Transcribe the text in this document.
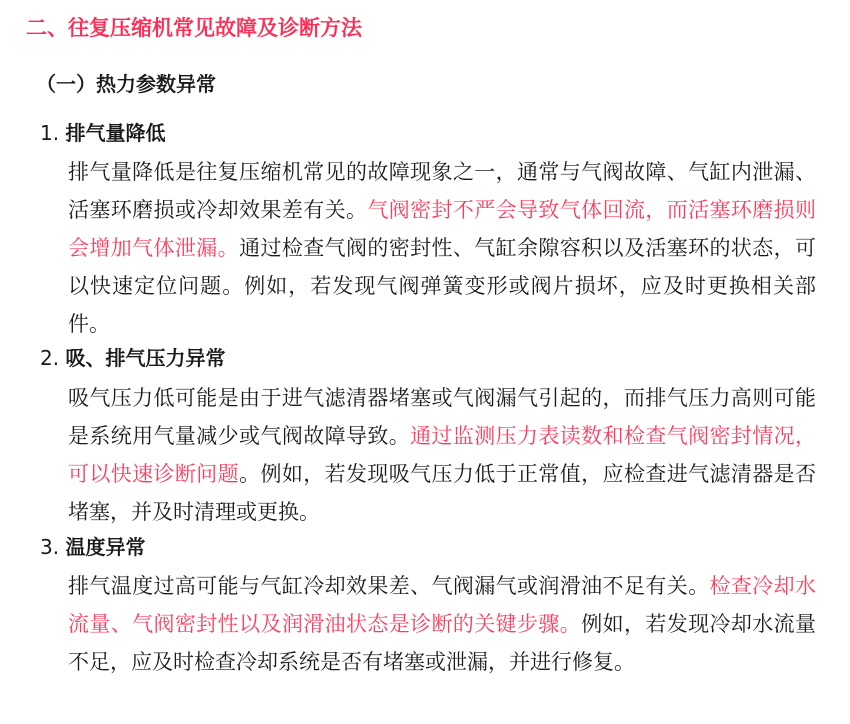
二、往复压缩机常见故障及诊断方法
（一）热力参数异常
1. 排气量降低

排气量降低是往复压缩机常见的故障现象之一，通常与气阀故障、气缸内泄漏、活塞环磨损或冷却效果差有关。气阀密封不严会导致气体回流，而活塞环磨损则会增加气体泄漏。通过检查气阀的密封性、气缸余隙容积以及活塞环的状态，可以快速定位问题。例如，若发现气阀弹簧变形或阀片损坏，应及时更换相关部件。

2. 吸、排气压力异常

吸气压力低可能是由于进气滤清器堵塞或气阀漏气引起的，而排气压力高则可能是系统用气量减少或气阀故障导致。通过监测压力表读数和检查气阀密封情况，可以快速诊断问题。例如，若发现吸气压力低于正常值，应检查进气滤清器是否堵塞，并及时清理或更换。

3. 温度异常

排气温度过高可能与气缸冷却效果差、气阀漏气或润滑油不足有关。检查冷却水流量、气阀密封性以及润滑油状态是诊断的关键步骤。例如，若发现冷却水流量不足，应及时检查冷却系统是否有堵塞或泄漏，并进行修复。
